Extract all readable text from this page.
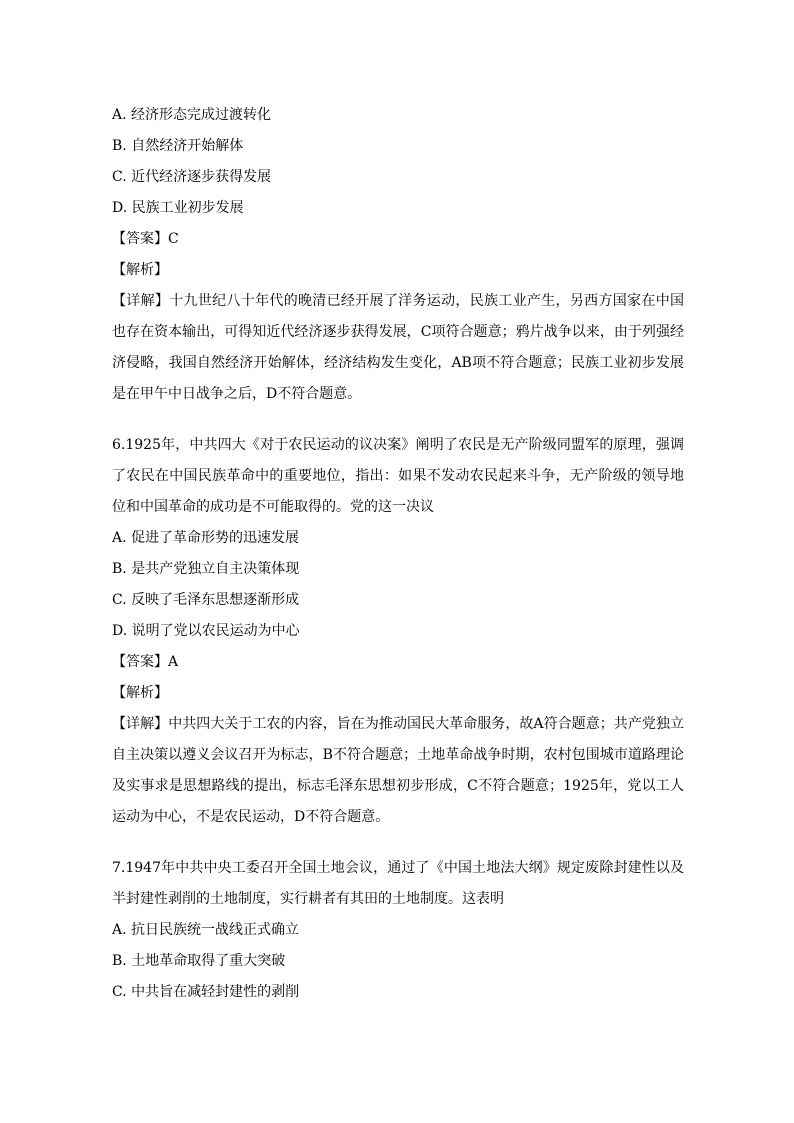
A. 经济形态完成过渡转化
B. 自然经济开始解体
C. 近代经济逐步获得发展
D. 民族工业初步发展
【答案】C
【解析】
【详解】十九世纪八十年代的晚清已经开展了洋务运动，民族工业产生，另西方国家在中国也存在资本输出，可得知近代经济逐步获得发展，C项符合题意；鸦片战争以来，由于列强经济侵略，我国自然经济开始解体，经济结构发生变化，AB项不符合题意；民族工业初步发展是在甲午中日战争之后，D不符合题意。
6.1925年，中共四大《对于农民运动的议决案》阐明了农民是无产阶级同盟军的原理，强调了农民在中国民族革命中的重要地位，指出：如果不发动农民起来斗争，无产阶级的领导地位和中国革命的成功是不可能取得的。党的这一决议
A. 促进了革命形势的迅速发展
B. 是共产党独立自主决策体现
C. 反映了毛泽东思想逐渐形成
D. 说明了党以农民运动为中心
【答案】A
【解析】
【详解】中共四大关于工农的内容，旨在为推动国民大革命服务，故A符合题意；共产党独立自主决策以遵义会议召开为标志，B不符合题意；土地革命战争时期，农村包围城市道路理论及实事求是思想路线的提出，标志毛泽东思想初步形成，C不符合题意；1925年，党以工人运动为中心，不是农民运动，D不符合题意。
7.1947年中共中央工委召开全国土地会议，通过了《中国土地法大纲》规定废除封建性以及半封建性剥削的土地制度，实行耕者有其田的土地制度。这表明
A. 抗日民族统一战线正式确立
B. 土地革命取得了重大突破
C. 中共旨在减轻封建性的剥削
